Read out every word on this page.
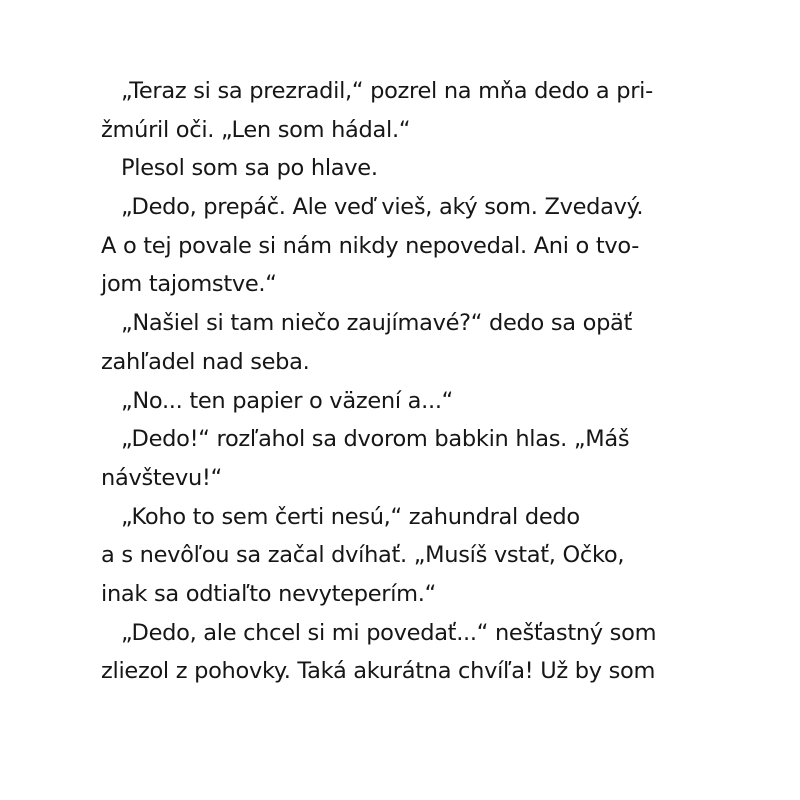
„Teraz si sa prezradil,“ pozrel na mňa dedo a pri-
žmúril oči. „Len som hádal.“
Plesol som sa po hlave.
„Dedo, prepáč. Ale veď vieš, aký som. Zvedavý.
A o tej povale si nám nikdy nepovedal. Ani o tvo-
jom tajomstve.“
„Našiel si tam niečo zaujímavé?“ dedo sa opäť
zahľadel nad seba.
„No... ten papier o väzení a...“
„Dedo!“ rozľahol sa dvorom babkin hlas. „Máš
návštevu!“
„Koho to sem čerti nesú,“ zahundral dedo
a s nevôľou sa začal dvíhať. „Musíš vstať, Očko,
inak sa odtiaľto nevyteperím.“
„Dedo, ale chcel si mi povedať...“ nešťastný som
zliezol z pohovky. Taká akurátna chvíľa! Už by som
